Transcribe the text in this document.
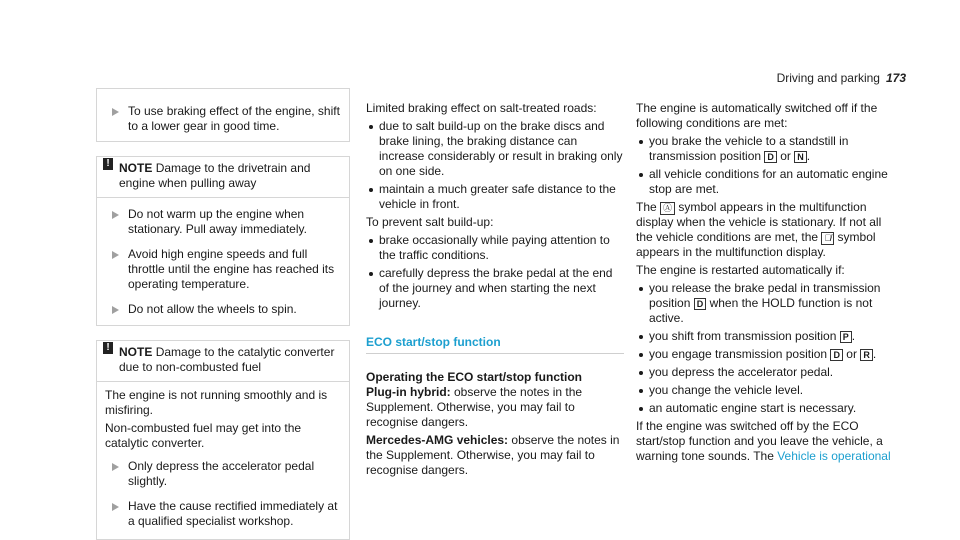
Driving and parking 173
To use braking effect of the engine, shift to a lower gear in good time.
! NOTE Damage to the drivetrain and engine when pulling away
Do not warm up the engine when stationary. Pull away immediately.
Avoid high engine speeds and full throttle until the engine has reached its operating temperature.
Do not allow the wheels to spin.
! NOTE Damage to the catalytic converter due to non-combusted fuel
The engine is not running smoothly and is misfiring.
Non-combusted fuel may get into the catalytic converter.
Only depress the accelerator pedal slightly.
Have the cause rectified immediately at a qualified specialist workshop.
Limited braking effect on salt-treated roads:
due to salt build-up on the brake discs and brake lining, the braking distance can increase considerably or result in braking only on one side.
maintain a much greater safe distance to the vehicle in front.
To prevent salt build-up:
brake occasionally while paying attention to the traffic conditions.
carefully depress the brake pedal at the end of the journey and when starting the next journey.
ECO start/stop function
Operating the ECO start/stop function
Plug-in hybrid: observe the notes in the Supplement. Otherwise, you may fail to recognise dangers.
Mercedes-AMG vehicles: observe the notes in the Supplement. Otherwise, you may fail to recognise dangers.
The engine is automatically switched off if the following conditions are met:
you brake the vehicle to a standstill in transmission position D or N .
all vehicle conditions for an automatic engine stop are met.
The Ⓐ symbol appears in the multifunction display when the vehicle is stationary. If not all the vehicle conditions are met, the Ⓐ̸ symbol appears in the multifunction display.
The engine is restarted automatically if:
you release the brake pedal in transmission position D when the HOLD function is not active.
you shift from transmission position P .
you engage transmission position D or R .
you depress the accelerator pedal.
you change the vehicle level.
an automatic engine start is necessary.
If the engine was switched off by the ECO start/stop function and you leave the vehicle, a warning tone sounds. The Vehicle is operational
